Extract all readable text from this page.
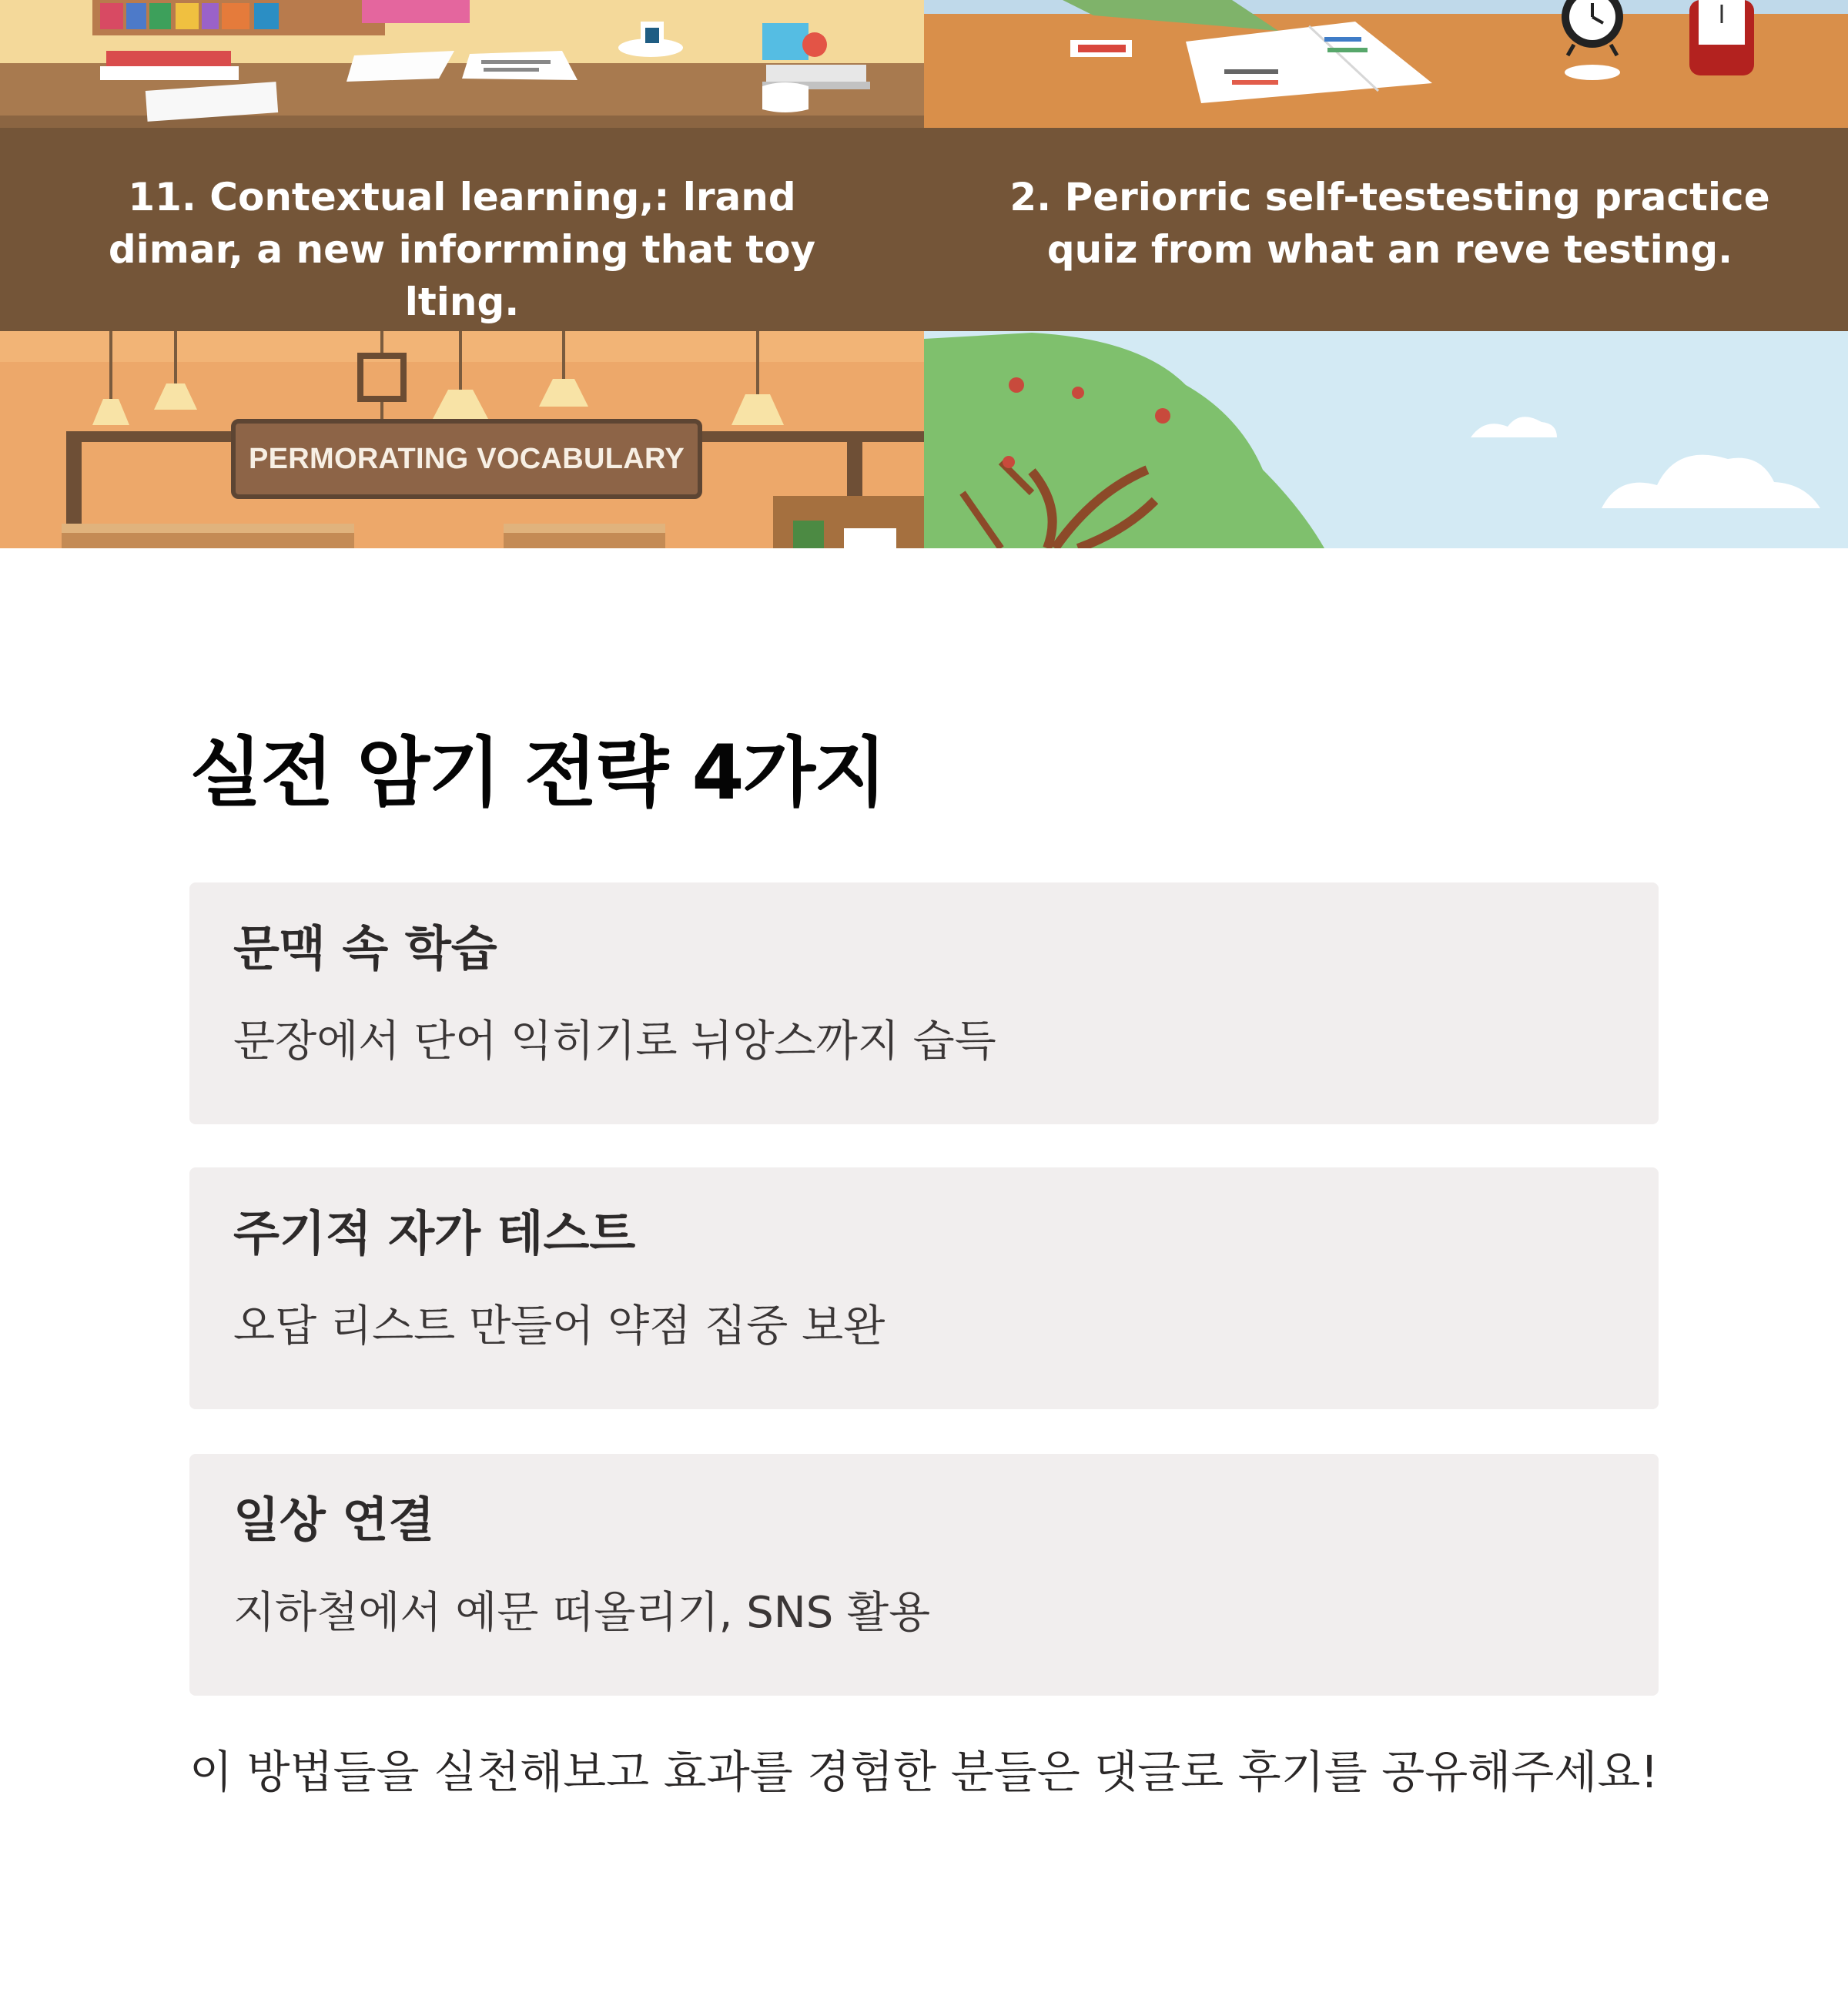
11. Contextual learning,: lrand dimar, a new inforrming that toy lting.
2. Periorric self-testesting practice quiz from what an reve testing.
PERMORATING VOCABULARY
실전 암기 전략 4가지
문맥 속 학습
문장에서 단어 익히기로 뉘앙스까지 습득
주기적 자가 테스트
오답 리스트 만들어 약점 집중 보완
일상 연결
지하철에서 예문 떠올리기, SNS 활용
이 방법들을 실천해보고 효과를 경험한 분들은 댓글로 후기를 공유해주세요!
